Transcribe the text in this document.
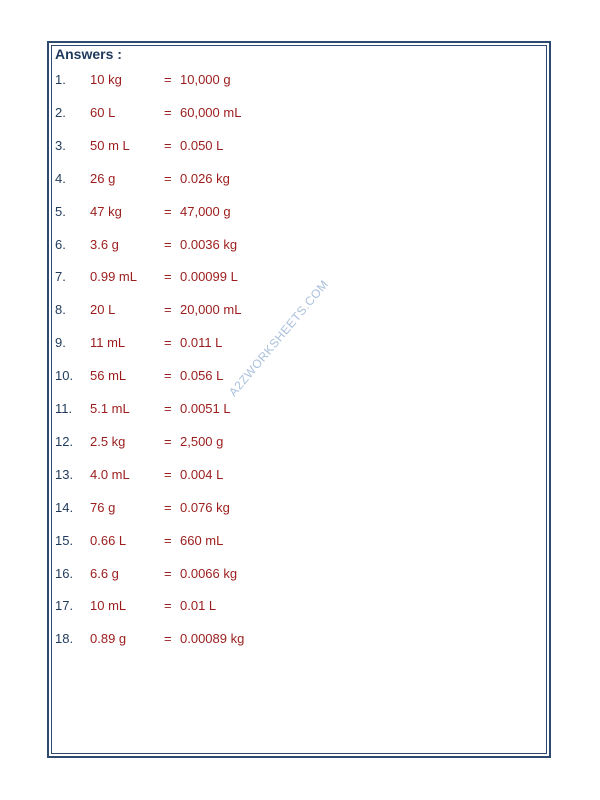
Answers :
A2ZWORKSHEETS.COM
1. 10 kg	= 10,000 g
2. 60 L	= 60,000 mL
3. 50 m L	= 0.050 L
4. 26 g	= 0.026 kg
5. 47 kg	= 47,000 g
6. 3.6 g	= 0.0036 kg
7. 0.99 mL = 0.00099 L
8. 20 L	= 20,000 mL
9. 11 mL	= 0.011 L
10. 56 mL	= 0.056 L
11. 5.1 mL	= 0.0051 L
12. 2.5 kg	= 2,500 g
13. 4.0 mL	= 0.004 L
14. 76 g	= 0.076 kg
15. 0.66 L	= 660 mL
16. 6.6 g	= 0.0066 kg
17. 10 mL	= 0.01 L
18. 0.89 g	= 0.00089 kg
